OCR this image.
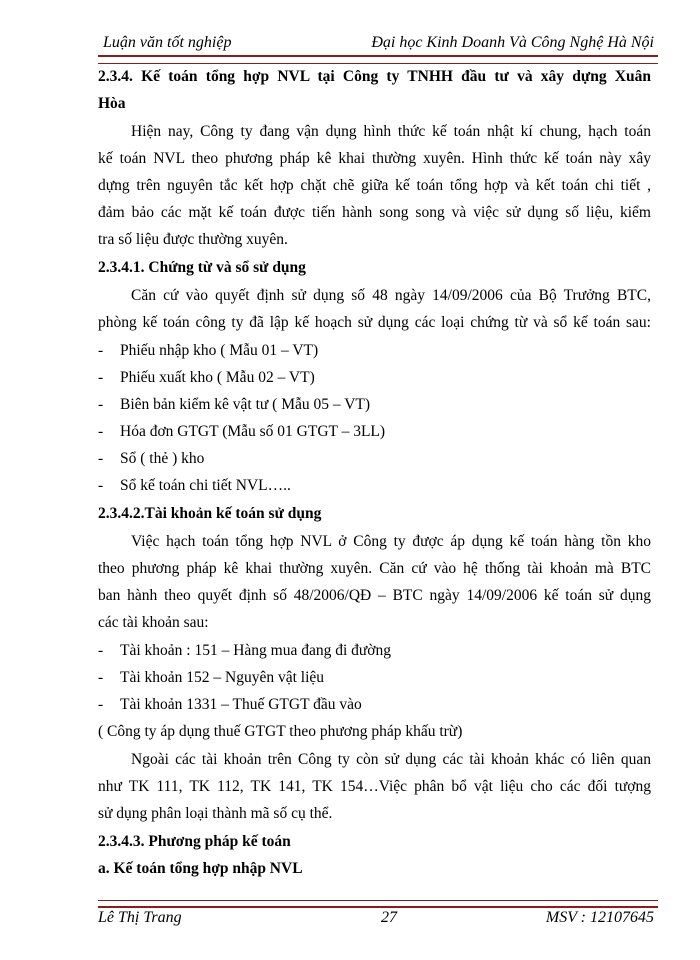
Luận văn tốt nghiệp	Đại học Kinh Doanh Và Công Nghệ Hà Nội
2.3.4. Kế toán tổng hợp NVL tại Công ty TNHH đầu tư và xây dựng Xuân
Hòa
Hiện nay, Công ty đang vận dụng hình thức kế toán nhật kí chung, hạch toán
kế toán NVL theo phương pháp kê khai thường xuyên. Hình thức kế toán này xây
dựng trên nguyên tắc kết hợp chặt chẽ giữa kế toán tổng hợp và kết toán chi tiết ,
đảm bảo các mặt kế toán được tiến hành song song và việc sử dụng số liệu, kiểm
tra số liệu được thường xuyên.
2.3.4.1. Chứng từ và sổ sử dụng
Căn cứ vào quyết định sử dụng số 48 ngày 14/09/2006 của Bộ Trưởng BTC,
phòng kế toán công ty đã lập kế hoạch sử dụng các loại chứng từ và sổ kế toán sau:
-	Phiếu nhập kho ( Mẫu 01 – VT)
-	Phiếu xuất kho ( Mẫu 02 – VT)
-	Biên bản kiểm kê vật tư ( Mẫu 05 – VT)
-	Hóa đơn GTGT (Mẫu số 01 GTGT – 3LL)
-	Sổ ( thẻ ) kho
-	Sổ kế toán chi tiết NVL…..
2.3.4.2.Tài khoản kế toán sử dụng
Việc hạch toán tổng hợp NVL ở Công ty được áp dụng kế toán hàng tồn kho
theo phương pháp kê khai thường xuyên. Căn cứ vào hệ thống tài khoản mà BTC
ban hành theo quyết định số 48/2006/QĐ – BTC ngày 14/09/2006 kế toán sử dụng
các tài khoản sau:
-	Tài khoản : 151 – Hàng mua đang đi đường
-	Tài khoản 152 – Nguyên vật liệu
-	Tài khoản 1331 – Thuế GTGT đầu vào
( Công ty áp dụng thuế GTGT theo phương pháp khấu trừ)
Ngoài các tài khoản trên Công ty còn sử dụng các tài khoản khác có liên quan
như TK 111, TK 112, TK 141, TK 154…Việc phân bổ vật liệu cho các đối tượng
sử dụng phân loại thành mã số cụ thể.
2.3.4.3. Phương pháp kế toán
a. Kế toán tổng hợp nhập NVL
Lê Thị Trang	27	MSV : 12107645
